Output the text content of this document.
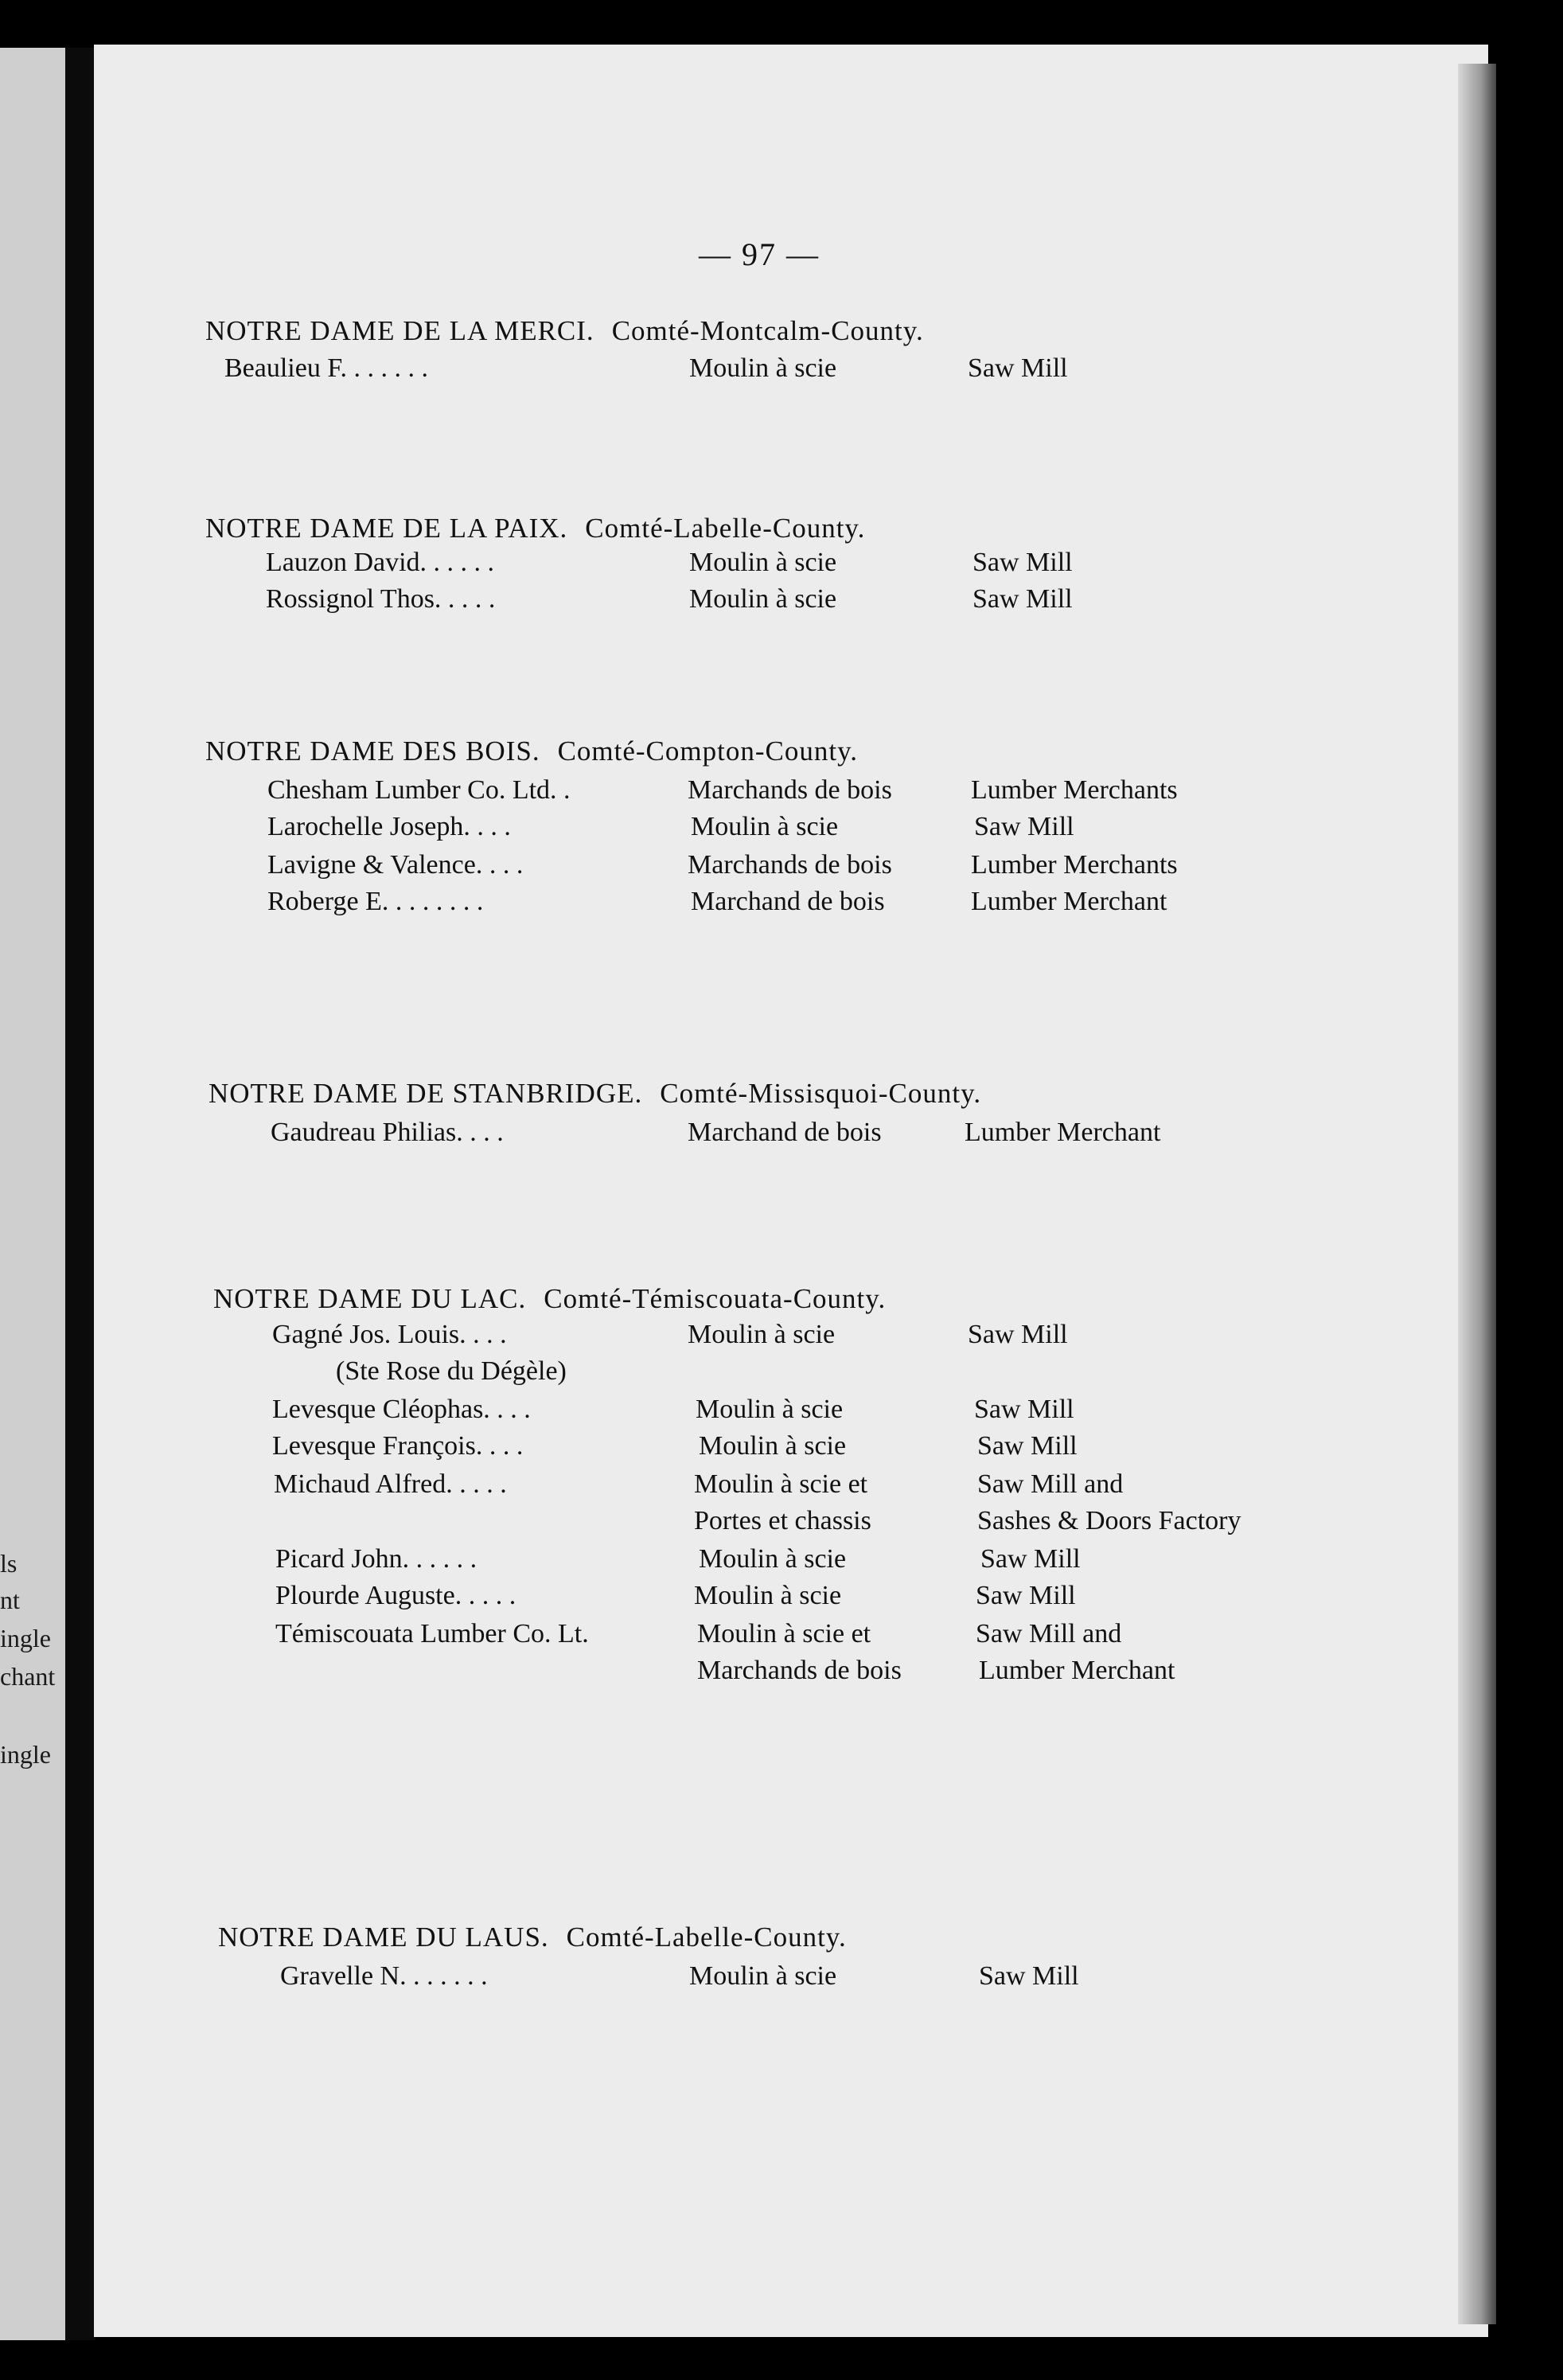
ls
nt
ingle
chant
ingle
— 97 —
NOTRE DAME DE LA MERCI. Comté-Montcalm-County.
Beaulieu F. . . . . . .	Moulin à scie	Saw Mill
NOTRE DAME DE LA PAIX. Comté-Labelle-County.
Lauzon David. . . . . .	Moulin à scie	Saw Mill
Rossignol Thos. . . . .	Moulin à scie	Saw Mill
NOTRE DAME DES BOIS. Comté-Compton-County.
Chesham Lumber Co. Ltd. .	Marchands de bois	Lumber Merchants
Larochelle Joseph. . . .	Moulin à scie	Saw Mill
Lavigne & Valence. . . .	Marchands de bois	Lumber Merchants
Roberge E. . . . . . . .	Marchand de bois	Lumber Merchant
NOTRE DAME DE STANBRIDGE. Comté-Missisquoi-County.
Gaudreau Philias. . . .	Marchand de bois	Lumber Merchant
NOTRE DAME DU LAC. Comté-Témiscouata-County.
Gagné Jos. Louis. . . .	Moulin à scie	Saw Mill
(Ste Rose du Dégèle)
Levesque Cléophas. . . .	Moulin à scie	Saw Mill
Levesque François. . . .	Moulin à scie	Saw Mill
Michaud Alfred. . . . .	Moulin à scie et	Saw Mill and
Portes et chassis	Sashes & Doors Factory
Picard John. . . . . .	Moulin à scie	Saw Mill
Plourde Auguste. . . . .	Moulin à scie	Saw Mill
Témiscouata Lumber Co. Lt.	Moulin à scie et	Saw Mill and
Marchands de bois	Lumber Merchant
NOTRE DAME DU LAUS. Comté-Labelle-County.
Gravelle N. . . . . . .	Moulin à scie	Saw Mill
